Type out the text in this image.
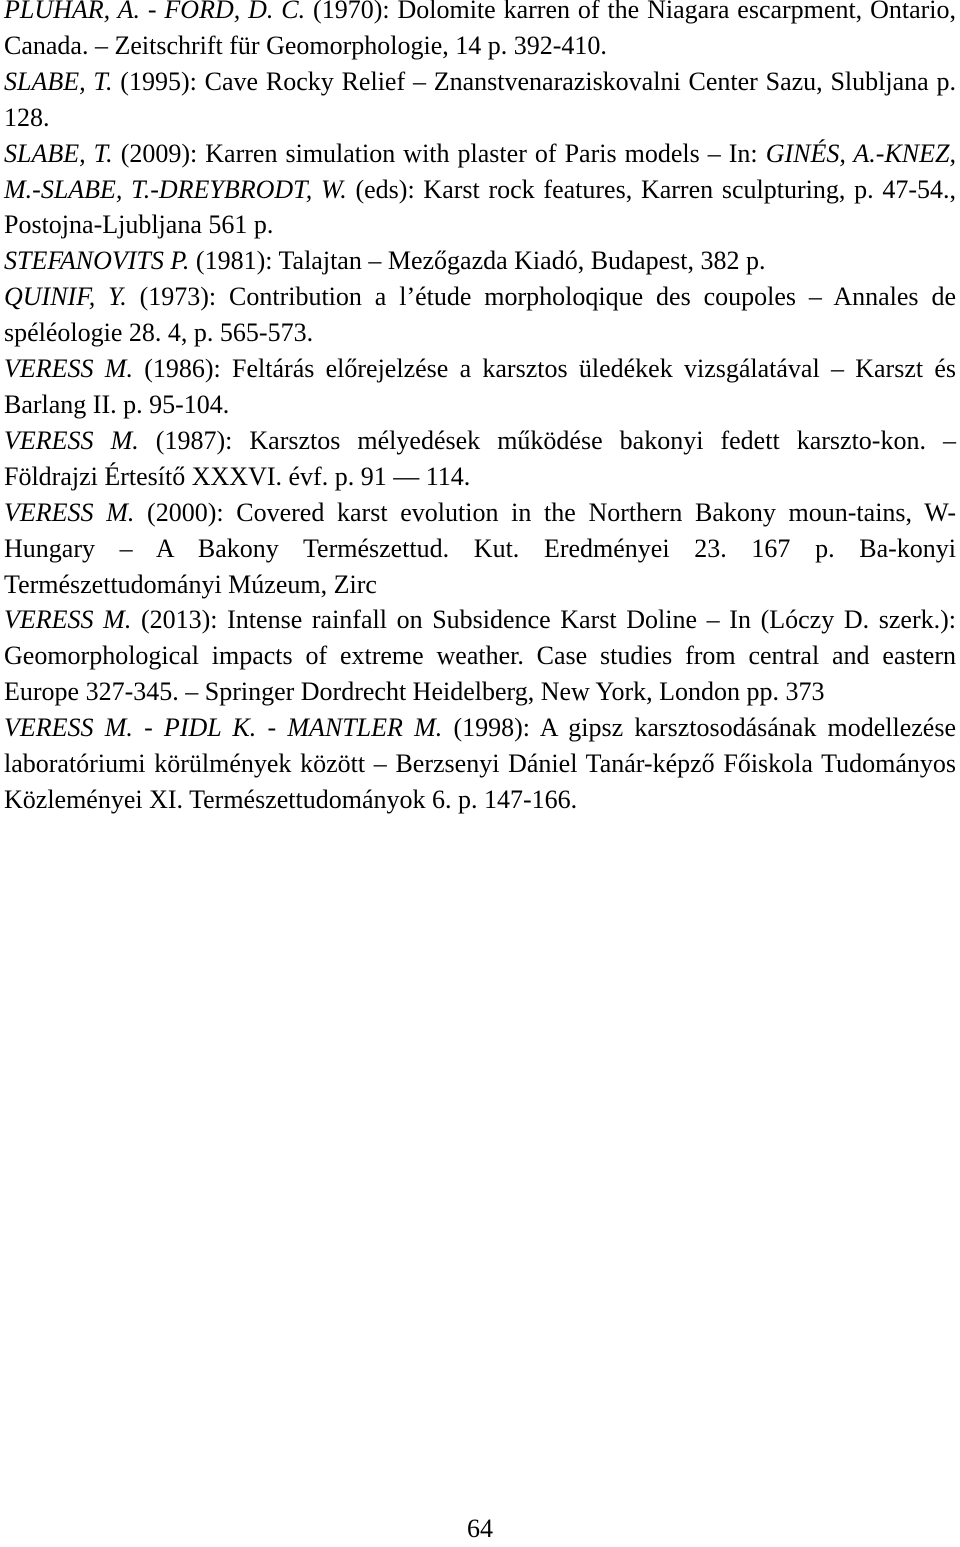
PLUHAR, A. - FORD, D. C. (1970): Dolomite karren of the Niagara escarpment, Ontario, Canada. – Zeitschrift für Geomorphologie, 14 p. 392-410.

SLABE, T. (1995): Cave Rocky Relief – Znanstvenaraziskovalni Center Sazu, Slubljana p. 128.

SLABE, T. (2009): Karren simulation with plaster of Paris models – In: GINÉS, A.-KNEZ, M.-SLABE, T.-DREYBRODT, W. (eds): Karst rock features, Karren sculpturing, p. 47-54., Postojna-Ljubljana 561 p.

STEFANOVITS P. (1981): Talajtan – Mezőgazda Kiadó, Budapest, 382 p.

QUINIF, Y. (1973): Contribution a l’étude morpholoqique des coupoles – Annales de spéléologie 28. 4, p. 565-573.

VERESS M. (1986): Feltárás előrejelzése a karsztos üledékek vizsgálatával – Karszt és Barlang II. p. 95-104.

VERESS M. (1987): Karsztos mélyedések működése bakonyi fedett karszto-kon. – Földrajzi Értesítő XXXVI. évf. p. 91 — 114.

VERESS M. (2000): Covered karst evolution in the Northern Bakony moun-tains, W-Hungary – A Bakony Természettud. Kut. Eredményei 23. 167 p. Ba-konyi Természettudományi Múzeum, Zirc

VERESS M. (2013): Intense rainfall on Subsidence Karst Doline – In (Lóczy D. szerk.): Geomorphological impacts of extreme weather. Case studies from central and eastern Europe 327-345. – Springer Dordrecht Heidelberg, New York, London pp. 373

VERESS M. - PIDL K. - MANTLER M. (1998): A gipsz karsztosodásának modellezése laboratóriumi körülmények között – Berzsenyi Dániel Tanár-képző Főiskola Tudományos Közleményei XI. Természettudományok 6. p. 147-166.

64
